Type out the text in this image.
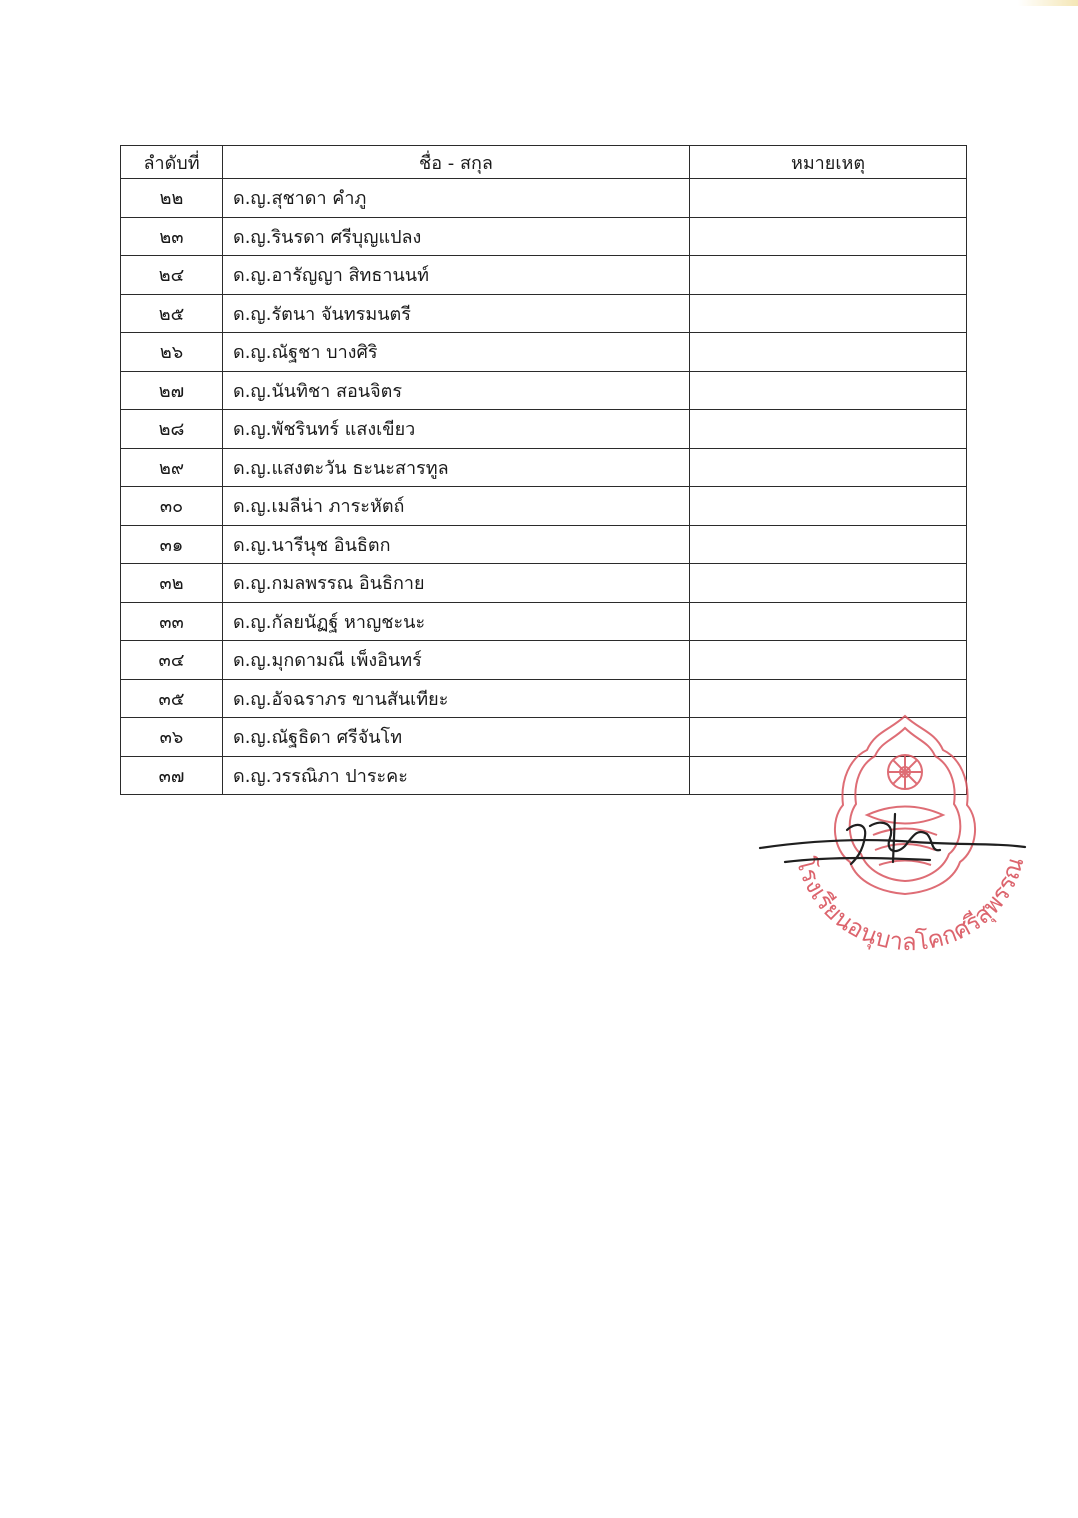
ลำดับที่	ชื่อ - สกุล	หมายเหตุ
๒๒	ด.ญ.สุชาดา คำภู	
๒๓	ด.ญ.รินรดา ศรีบุญแปลง	
๒๔	ด.ญ.อารัญญา สิทธานนท์	
๒๕	ด.ญ.รัตนา จันทรมนตรี	
๒๖	ด.ญ.ณัฐชา บางศิริ	
๒๗	ด.ญ.นันทิชา สอนจิตร	
๒๘	ด.ญ.พัชรินทร์ แสงเขียว	
๒๙	ด.ญ.แสงตะวัน ธะนะสารทูล	
๓๐	ด.ญ.เมลีน่า ภาระหัตถ์	
๓๑	ด.ญ.นารีนุช อินธิตก	
๓๒	ด.ญ.กมลพรรณ อินธิกาย	
๓๓	ด.ญ.กัลยนัฏฐ์ หาญชะนะ	
๓๔	ด.ญ.มุกดามณี เพ็งอินทร์	
๓๕	ด.ญ.อัจฉราภร ขานสันเทียะ	
๓๖	ด.ญ.ณัฐธิดา ศรีจันโท	
๓๗	ด.ญ.วรรณิภา ปาระคะ	
โรงเรียนอนุบาลโคกศรีสุพรรณ
